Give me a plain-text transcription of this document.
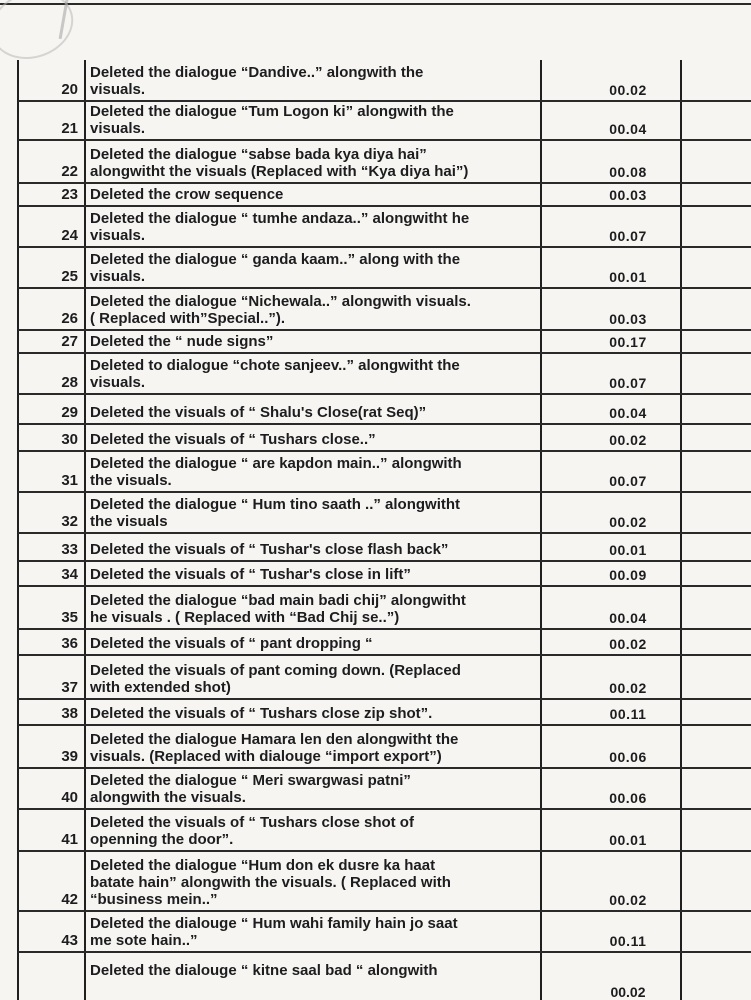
20
Deleted the dialogue “Dandive..” alongwith the
visuals.	00.02
21
Deleted the dialogue “Tum Logon ki” alongwith the
visuals.	00.04
22
Deleted the dialogue “sabse bada kya diya hai”
alongwitht the visuals (Replaced with “Kya diya hai”)	00.08
23 Deleted the crow sequence	00.03
24
Deleted the dialogue “ tumhe andaza..” alongwitht he
visuals.	00.07
25
Deleted the dialogue “ ganda kaam..” along with the
visuals.	00.01
26
Deleted the dialogue “Nichewala..” alongwith visuals.
( Replaced with”Special..”).	00.03
27 Deleted the “ nude signs”	00.17
28
Deleted to dialogue “chote sanjeev..” alongwitht the
visuals.	00.07
29 Deleted the visuals of “ Shalu's Close(rat Seq)”	00.04
30 Deleted the visuals of “ Tushars close..”	00.02
31
Deleted the dialogue “ are kapdon main..” alongwith
the visuals.	00.07
32
Deleted the dialogue “ Hum tino saath ..” alongwitht
the visuals	00.02
33 Deleted the visuals of “ Tushar's close flash back”	00.01
34 Deleted the visuals of “ Tushar's close in lift”	00.09
35
Deleted the dialogue “bad main badi chij” alongwitht
he visuals . ( Replaced with “Bad Chij se..”)	00.04
36 Deleted the visuals of “ pant dropping “	00.02
37
Deleted the visuals of pant coming down. (Replaced
with extended shot)	00.02
38 Deleted the visuals of “ Tushars close zip shot”.	00.11
39
Deleted the dialogue Hamara len den alongwitht the
visuals. (Replaced with dialouge “import export”)	00.06
40
Deleted the dialogue “ Meri swargwasi patni”
alongwith the visuals.	00.06
41
Deleted the visuals of “ Tushars close shot of
openning the door”.	00.01
42
Deleted the dialogue “Hum don ek dusre ka haat
batate hain” alongwith the visuals. ( Replaced with
“business mein..”	00.02
43
Deleted the dialouge “ Hum wahi family hain jo saat
me sote hain..”	00.11
Deleted the dialouge “ kitne saal bad “ alongwith
00.02
